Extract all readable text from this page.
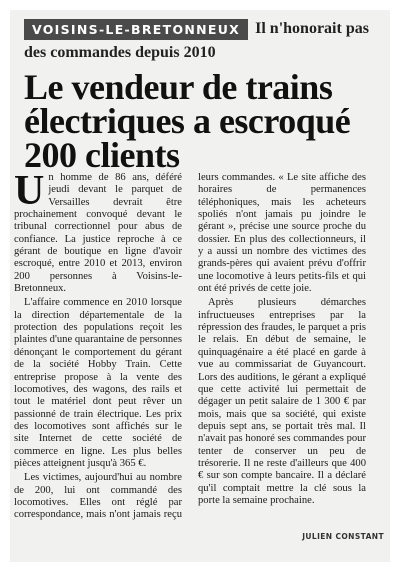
VOISINS-LE-BRETONNEUX Il n'honorait pas
des commandes depuis 2010
Le vendeur de trains électriques a escroqué 200 clients

Un homme de 86 ans, déféré jeudi devant le parquet de Versailles devrait être prochainement convoqué devant le tribunal correctionnel pour abus de confiance. La justice reproche à ce gérant de boutique en ligne d'avoir escroqué, entre 2010 et 2013, environ 200 personnes à Voisins-le-Bretonneux.

L'affaire commence en 2010 lorsque la direction départementale de la protection des populations reçoit les plaintes d'une quarantaine de personnes dénonçant le comportement du gérant de la société Hobby Train. Cette entreprise propose à la vente des locomotives, des wagons, des rails et tout le matériel dont peut rêver un passionné de train électrique. Les prix des locomotives sont affichés sur le site Internet de cette société de commerce en ligne. Les plus belles pièces atteignent jusqu'à 365 €.

Les victimes, aujourd'hui au nombre de 200, lui ont commandé des locomotives. Elles ont réglé par correspondance, mais n'ont jamais reçu leurs commandes. « Le site affiche des horaires de permanences téléphoniques, mais les acheteurs spoliés n'ont jamais pu joindre le gérant », précise une source proche du dossier. En plus des collectionneurs, il y a aussi un nombre des victimes des grands-pères qui avaient prévu d'offrir une locomotive à leurs petits-fils et qui ont été privés de cette joie.

Après plusieurs démarches infructueuses entreprises par la répression des fraudes, le parquet a pris le relais. En début de semaine, le quinquagénaire a été placé en garde à vue au commissariat de Guyancourt. Lors des auditions, le gérant a expliqué que cette activité lui permettait de dégager un petit salaire de 1 300 € par mois, mais que sa société, qui existe depuis sept ans, se portait très mal. Il n'avait pas honoré ses commandes pour tenter de conserver un peu de trésorerie. Il ne reste d'ailleurs que 400 € sur son compte bancaire. Il a déclaré qu'il comptait mettre la clé sous la porte la semaine prochaine.

JULIEN CONSTANT
